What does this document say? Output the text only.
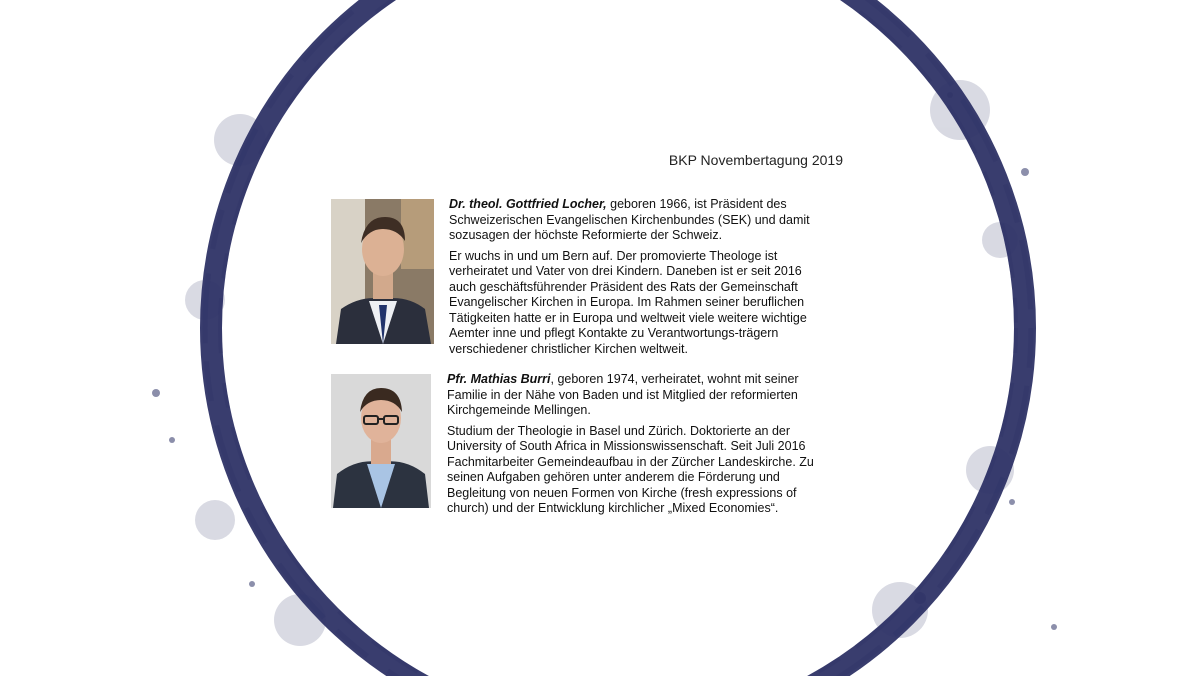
BKP Novembertagung 2019

Dr. theol. Gottfried Locher, geboren 1966, ist Präsident des Schweizerischen Evangelischen Kirchenbundes (SEK) und damit sozusagen der höchste Reformierte der Schweiz.

Er wuchs in und um Bern auf. Der promovierte Theologe ist verheiratet und Vater von drei Kindern. Daneben ist er seit 2016 auch geschäftsführender Präsident des Rats der Gemeinschaft Evangelischer Kirchen in Europa. Im Rahmen seiner beruflichen Tätigkeiten hatte er in Europa und weltweit viele weitere wichtige Aemter inne und pflegt Kontakte zu Verantwortungs-trägern verschiedener christlicher Kirchen weltweit.

Pfr. Mathias Burri, geboren 1974, verheiratet, wohnt mit seiner Familie in der Nähe von Baden und ist Mitglied der reformierten Kirchgemeinde Mellingen.

Studium der Theologie in Basel und Zürich. Doktorierte an der University of South Africa in Missionswissenschaft. Seit Juli 2016 Fachmitarbeiter Gemeindeaufbau in der Zürcher Landeskirche. Zu seinen Aufgaben gehören unter anderem die Förderung und Begleitung von neuen Formen von Kirche (fresh expressions of church) und der Entwicklung kirchlicher „Mixed Economies“.
